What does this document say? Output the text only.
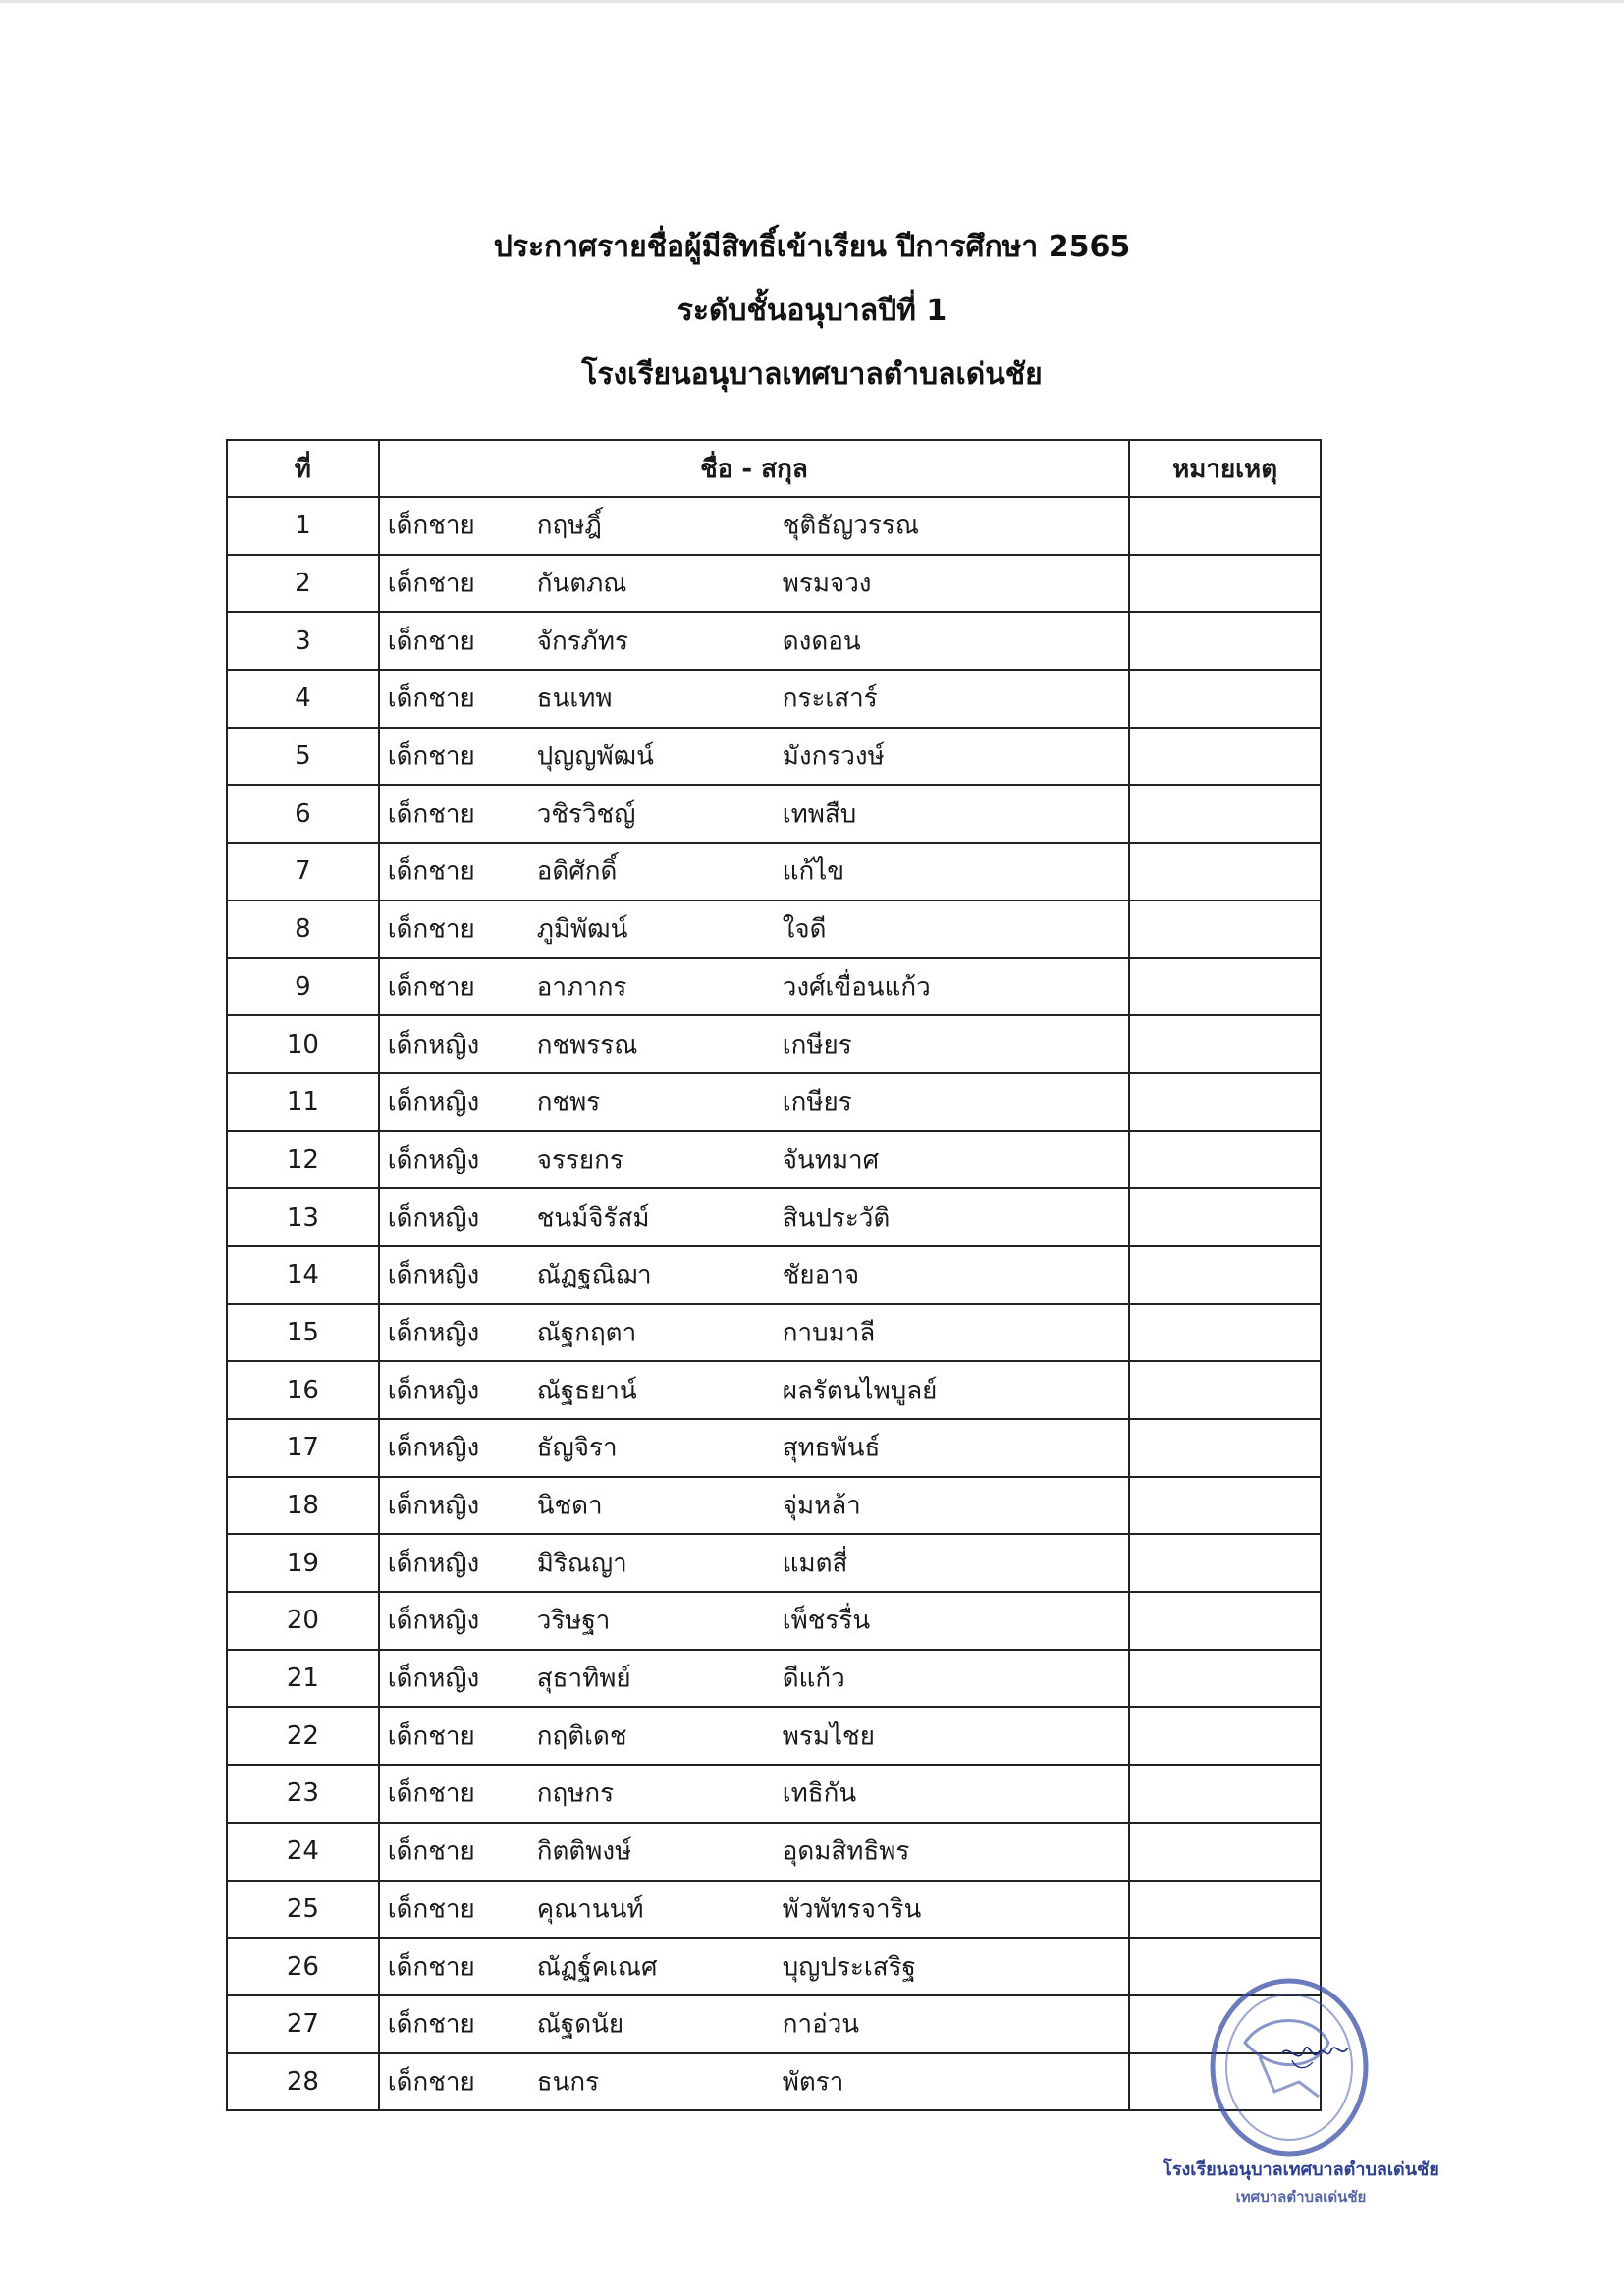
ประกาศรายชื่อผู้มีสิทธิ์เข้าเรียน ปีการศึกษา 2565
ระดับชั้นอนุบาลปีที่ 1
โรงเรียนอนุบาลเทศบาลตำบลเด่นชัย
ที่	ชื่อ - สกุล	หมายเหตุ
1	เด็กชาย กฤษฎิ์ ชุติธัญวรรณ	

2	เด็กชาย กันตภณ พรมจวง	

3	เด็กชาย จักรภัทร ดงดอน	

4	เด็กชาย ธนเทพ กระเสาร์	

5	เด็กชาย ปุญญพัฒน์ มังกรวงษ์	

6	เด็กชาย วชิรวิชญ์ เทพสืบ	

7	เด็กชาย อดิศักดิ์ แก้ไข	

8	เด็กชาย ภูมิพัฒน์ ใจดี	

9	เด็กชาย อาภากร วงศ์เขื่อนแก้ว	

10	เด็กหญิง กชพรรณ เกษียร	

11	เด็กหญิง กชพร เกษียร	

12	เด็กหญิง จรรยกร จันทมาศ	

13	เด็กหญิง ชนม์จิรัสม์ สินประวัติ	

14	เด็กหญิง ณัฏฐณิฌา ชัยอาจ	

15	เด็กหญิง ณัฐกฤตา กาบมาลี	

16	เด็กหญิง ณัฐธยาน์ ผลรัตนไพบูลย์	

17	เด็กหญิง ธัญจิรา สุทธพันธ์	

18	เด็กหญิง นิชดา จุ่มหล้า	

19	เด็กหญิง มิริณญา แมตสี่	

20	เด็กหญิง วริษฐา เพ็ชรรื่น	

21	เด็กหญิง สุธาทิพย์ ดีแก้ว	

22	เด็กชาย กฤติเดช พรมไชย	

23	เด็กชาย กฤษกร เทธิกัน	

24	เด็กชาย กิตติพงษ์ อุดมสิทธิพร	

25	เด็กชาย คุณานนท์ พัวพัทรจาริน	

26	เด็กชาย ณัฏฐ์คเณศ บุญประเสริฐ	

27	เด็กชาย ณัฐดนัย กาอ่วน	

28	เด็กชาย ธนกร พัตรา	

โรงเรียนอนุบาลเทศบาลตำบลเด่นชัย
เทศบาลตำบลเด่นชัย
